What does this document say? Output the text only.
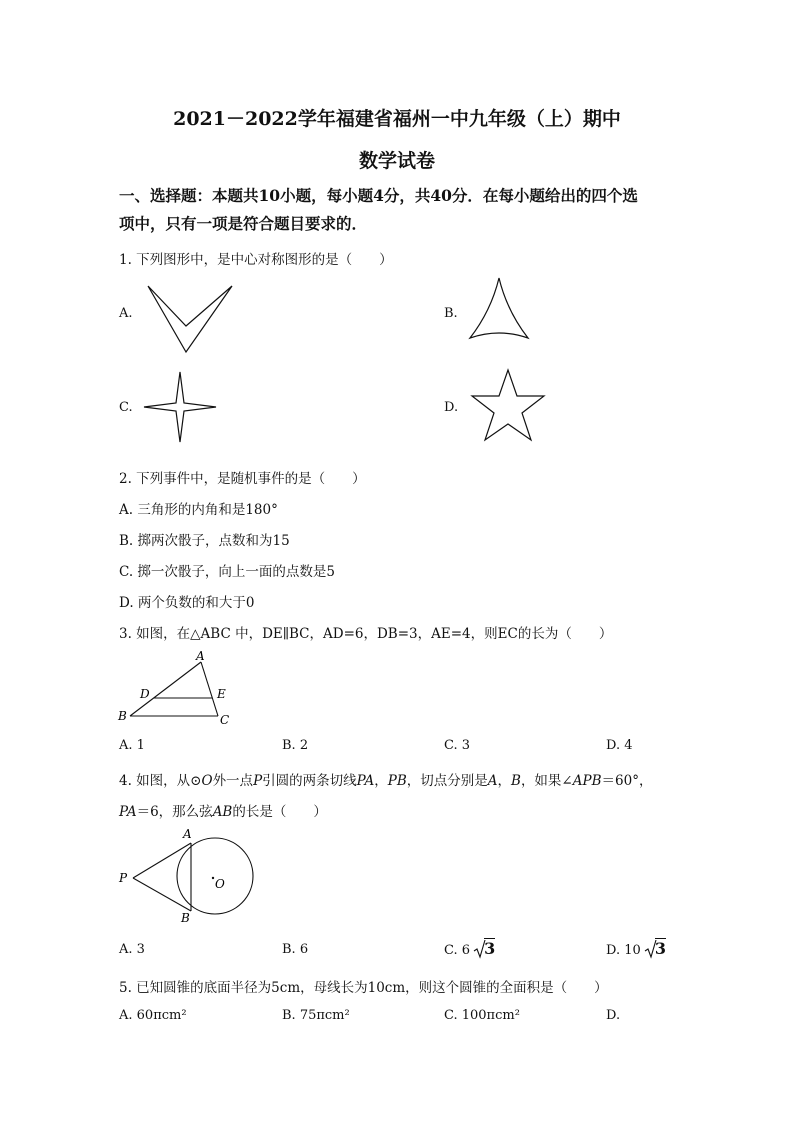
2021－2022学年福建省福州一中九年级（上）期中
数学试卷
一、选择题：本题共10小题，每小题4分，共40分．在每小题给出的四个选
项中，只有一项是符合题目要求的．
1. 下列图形中，是中心对称图形的是（　　）
A.	B.
C.	D.
2. 下列事件中，是随机事件的是（　　）
A. 三角形的内角和是180°
B. 掷两次骰子，点数和为15
C. 掷一次骰子，向上一面的点数是5
D. 两个负数的和大于0
3. 如图，在△ABC 中，DE∥BC，AD=6，DB=3，AE=4，则EC的长为（　　）
A
D	E
B	C
A. 1	B. 2	C. 3	D. 4
4. 如图，从⊙O外一点P引圆的两条切线PA，PB，切点分别是A，B，如果∠APB＝60°，
PA＝6，那么弦AB的长是（　　）
A
P	O
B
A. 3	B. 6	C. 6 3	D. 10 3
5. 已知圆锥的底面半径为5cm，母线长为10cm，则这个圆锥的全面积是（　　）
A. 60πcm²	B. 75πcm²	C. 100πcm²	D.
